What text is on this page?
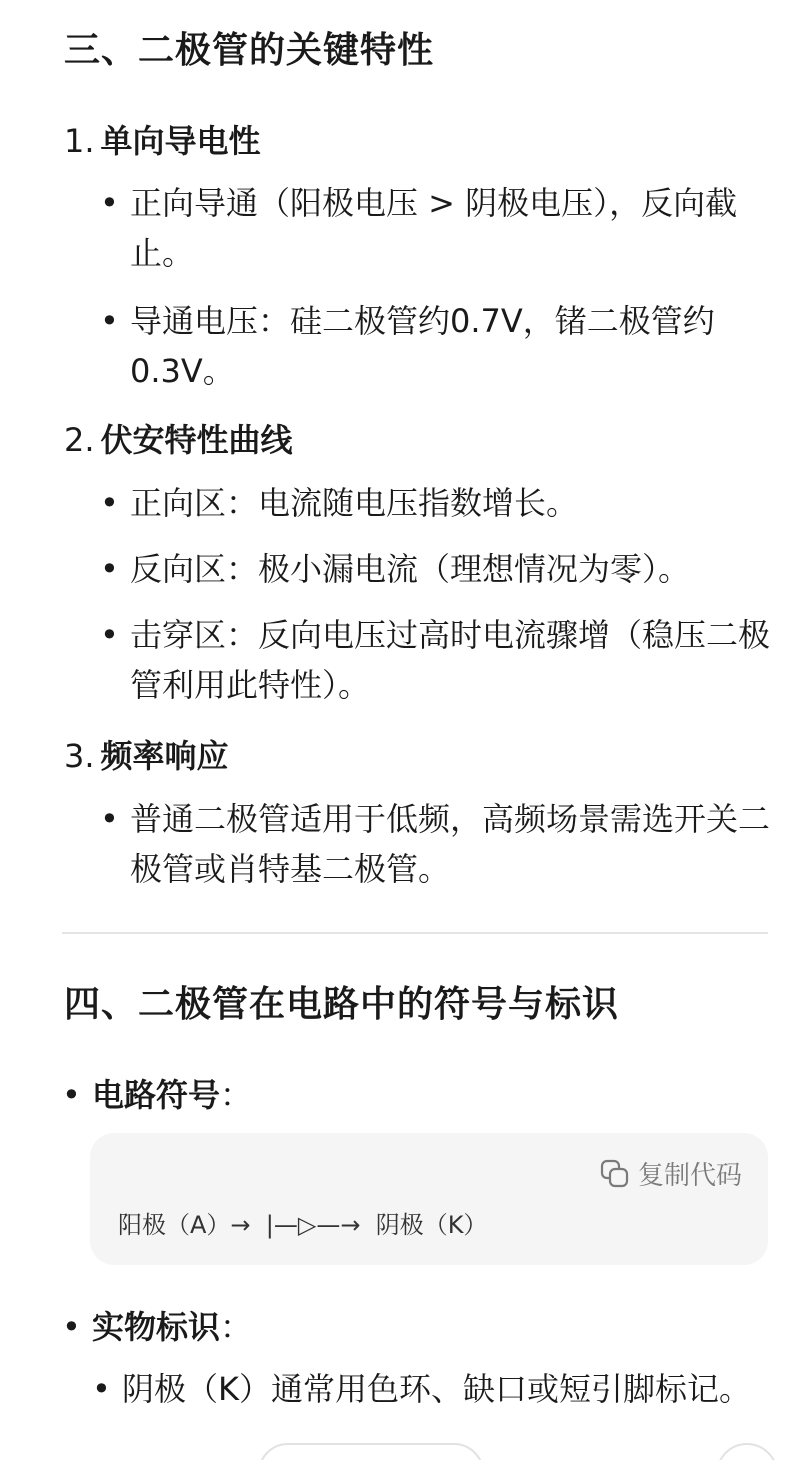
三、二极管的关键特性
1. 单向导电性
• 正向导通（阳极电压 > 阴极电压），反向截止。
• 导通电压：硅二极管约0.7V，锗二极管约0.3V。
2. 伏安特性曲线
• 正向区：电流随电压指数增长。
• 反向区：极小漏电流（理想情况为零）。
• 击穿区：反向电压过高时电流骤增（稳压二极管利用此特性）。
3. 频率响应
• 普通二极管适用于低频，高频场景需选开关二极管或肖特基二极管。
四、二极管在电路中的符号与标识
• 电路符号：
复制代码
阳极（A）→  |—▷—→  阴极（K）
• 实物标识：
• 阴极（K）通常用色环、缺口或短引脚标记。
